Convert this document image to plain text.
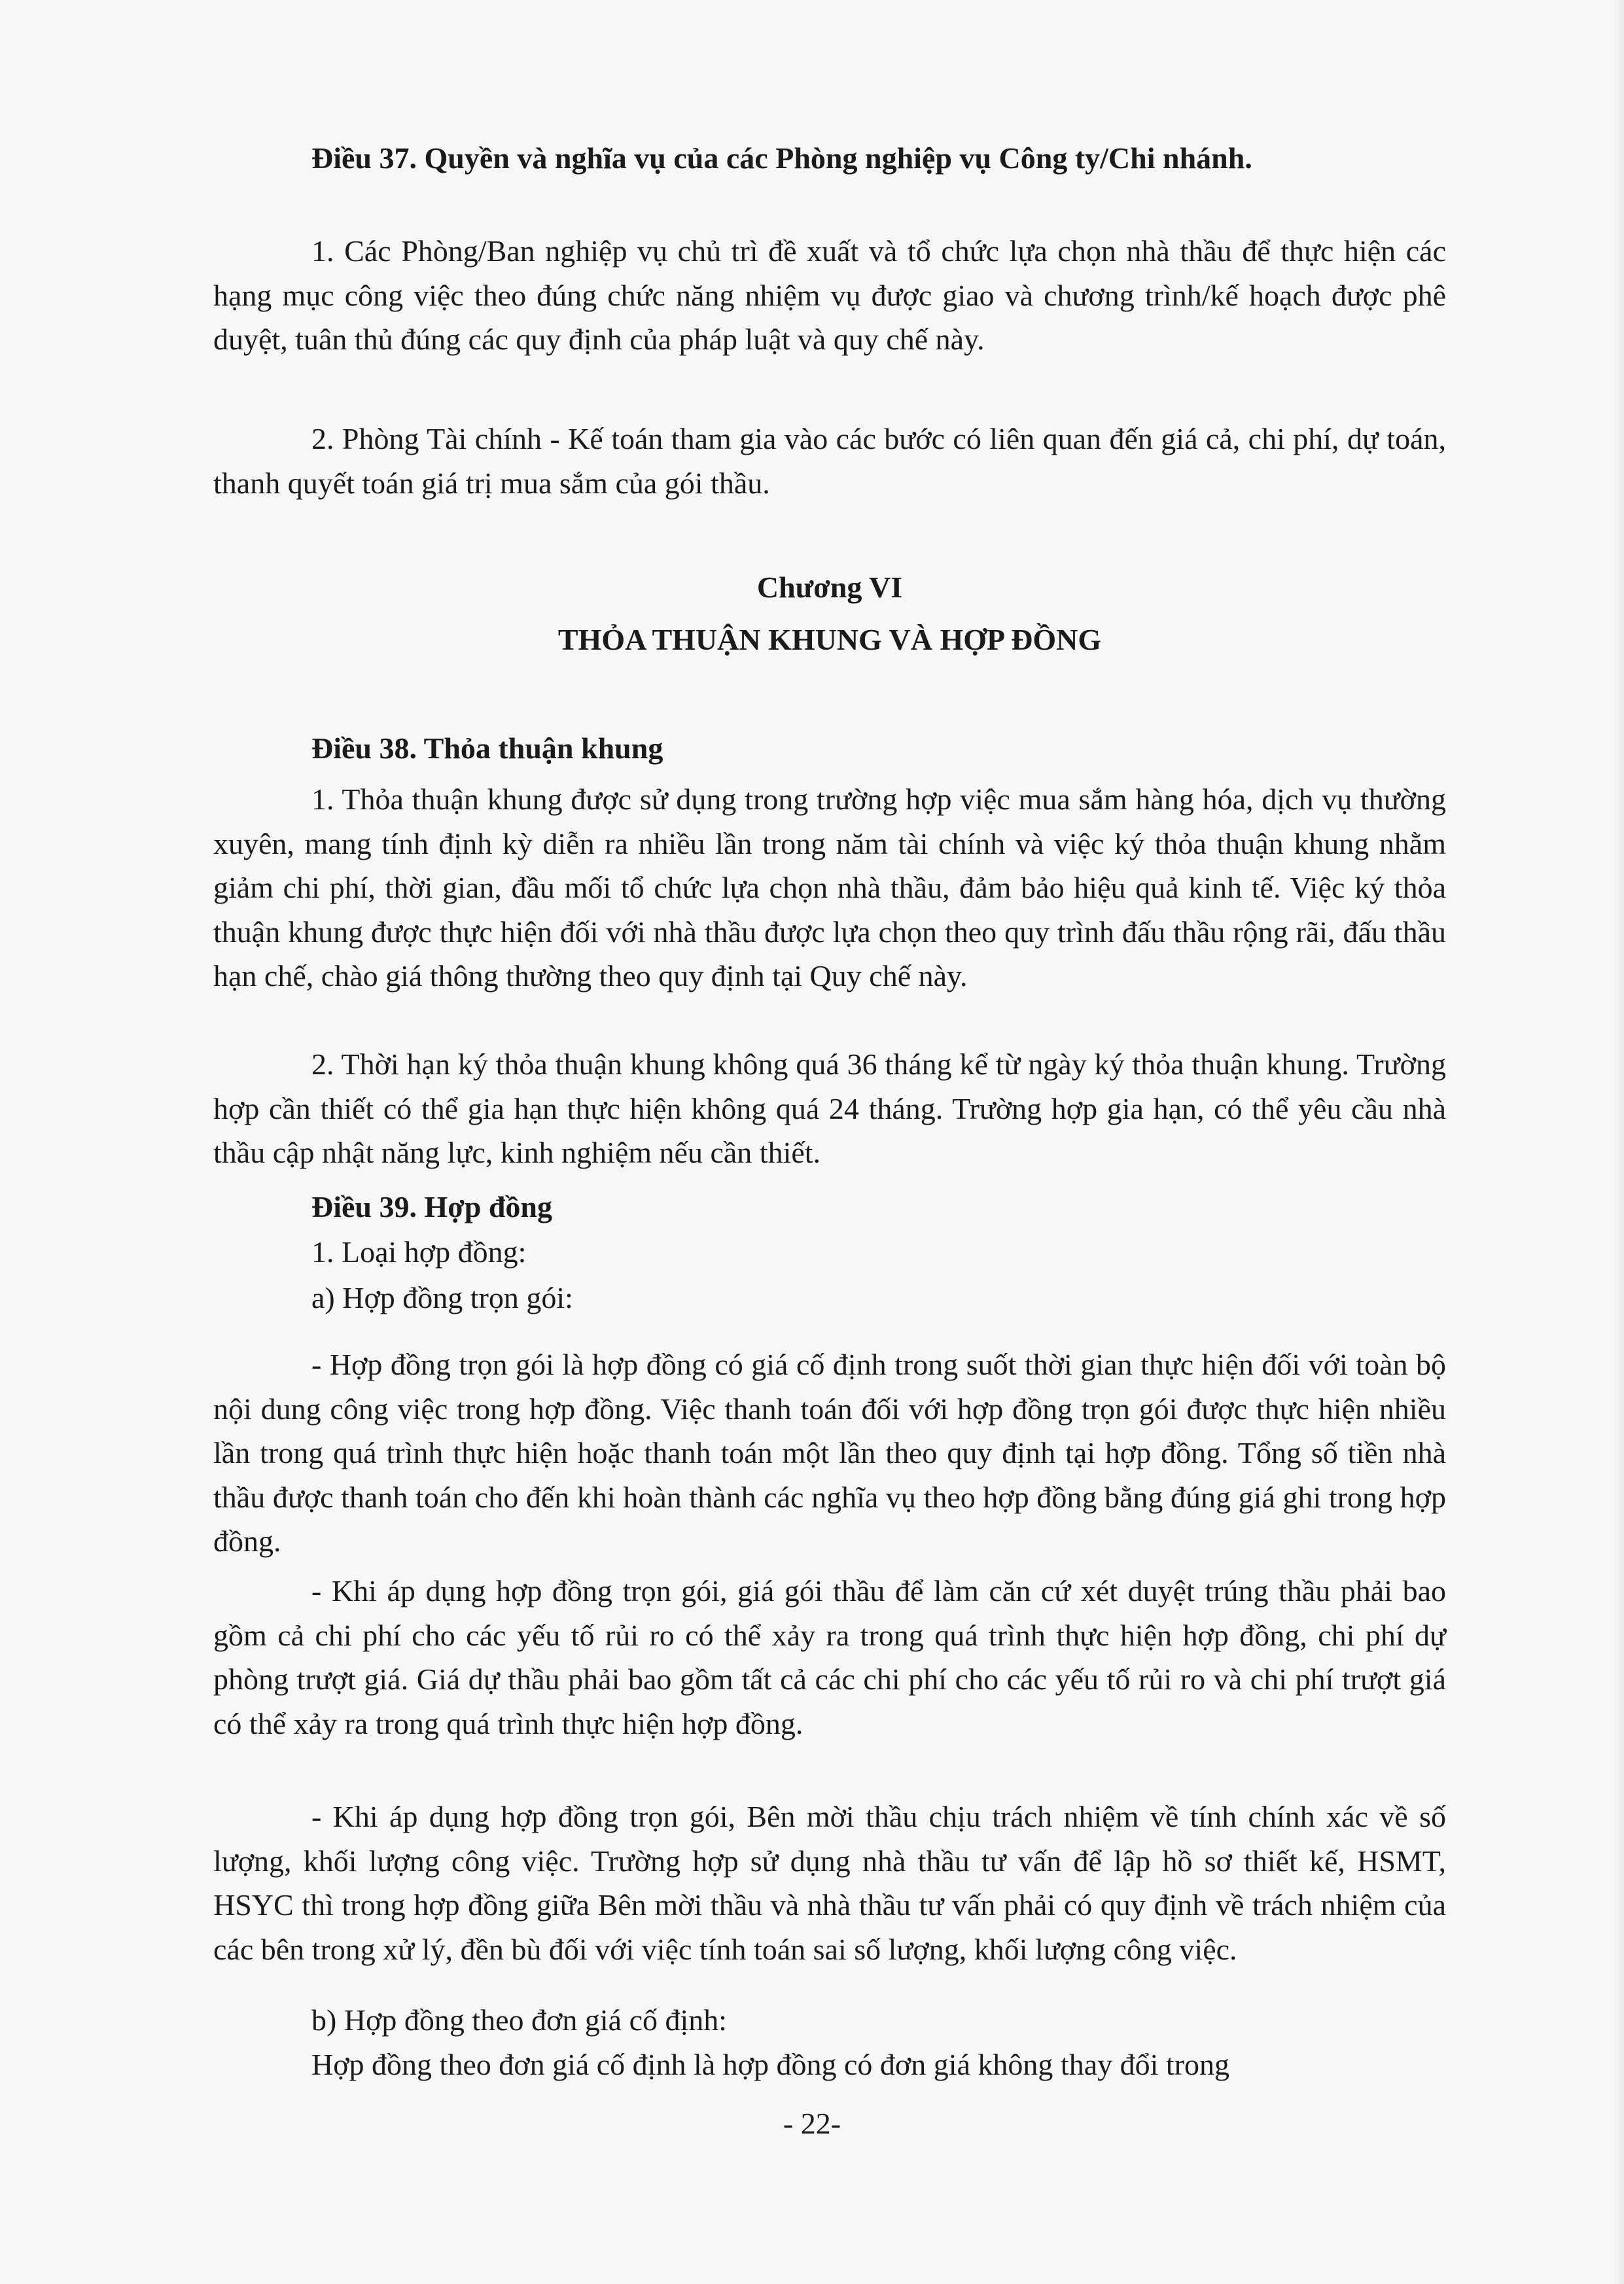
Điều 37. Quyền và nghĩa vụ của các Phòng nghiệp vụ Công ty/Chi nhánh.
1. Các Phòng/Ban nghiệp vụ chủ trì đề xuất và tổ chức lựa chọn nhà thầu để thực hiện các hạng mục công việc theo đúng chức năng nhiệm vụ được giao và chương trình/kế hoạch được phê duyệt, tuân thủ đúng các quy định của pháp luật và quy chế này.
2. Phòng Tài chính - Kế toán tham gia vào các bước có liên quan đến giá cả, chi phí, dự toán, thanh quyết toán giá trị mua sắm của gói thầu.
Chương VI
THỎA THUẬN KHUNG VÀ HỢP ĐỒNG
Điều 38. Thỏa thuận khung
1. Thỏa thuận khung được sử dụng trong trường hợp việc mua sắm hàng hóa, dịch vụ thường xuyên, mang tính định kỳ diễn ra nhiều lần trong năm tài chính và việc ký thỏa thuận khung nhằm giảm chi phí, thời gian, đầu mối tổ chức lựa chọn nhà thầu, đảm bảo hiệu quả kinh tế. Việc ký thỏa thuận khung được thực hiện đối với nhà thầu được lựa chọn theo quy trình đấu thầu rộng rãi, đấu thầu hạn chế, chào giá thông thường theo quy định tại Quy chế này.
2. Thời hạn ký thỏa thuận khung không quá 36 tháng kể từ ngày ký thỏa thuận khung. Trường hợp cần thiết có thể gia hạn thực hiện không quá 24 tháng. Trường hợp gia hạn, có thể yêu cầu nhà thầu cập nhật năng lực, kinh nghiệm nếu cần thiết.
Điều 39. Hợp đồng
1. Loại hợp đồng:
a) Hợp đồng trọn gói:
- Hợp đồng trọn gói là hợp đồng có giá cố định trong suốt thời gian thực hiện đối với toàn bộ nội dung công việc trong hợp đồng. Việc thanh toán đối với hợp đồng trọn gói được thực hiện nhiều lần trong quá trình thực hiện hoặc thanh toán một lần theo quy định tại hợp đồng. Tổng số tiền nhà thầu được thanh toán cho đến khi hoàn thành các nghĩa vụ theo hợp đồng bằng đúng giá ghi trong hợp đồng.
- Khi áp dụng hợp đồng trọn gói, giá gói thầu để làm căn cứ xét duyệt trúng thầu phải bao gồm cả chi phí cho các yếu tố rủi ro có thể xảy ra trong quá trình thực hiện hợp đồng, chi phí dự phòng trượt giá. Giá dự thầu phải bao gồm tất cả các chi phí cho các yếu tố rủi ro và chi phí trượt giá có thể xảy ra trong quá trình thực hiện hợp đồng.
- Khi áp dụng hợp đồng trọn gói, Bên mời thầu chịu trách nhiệm về tính chính xác về số lượng, khối lượng công việc. Trường hợp sử dụng nhà thầu tư vấn để lập hồ sơ thiết kế, HSMT, HSYC thì trong hợp đồng giữa Bên mời thầu và nhà thầu tư vấn phải có quy định về trách nhiệm của các bên trong xử lý, đền bù đối với việc tính toán sai số lượng, khối lượng công việc.
b) Hợp đồng theo đơn giá cố định:
Hợp đồng theo đơn giá cố định là hợp đồng có đơn giá không thay đổi trong
- 22-
